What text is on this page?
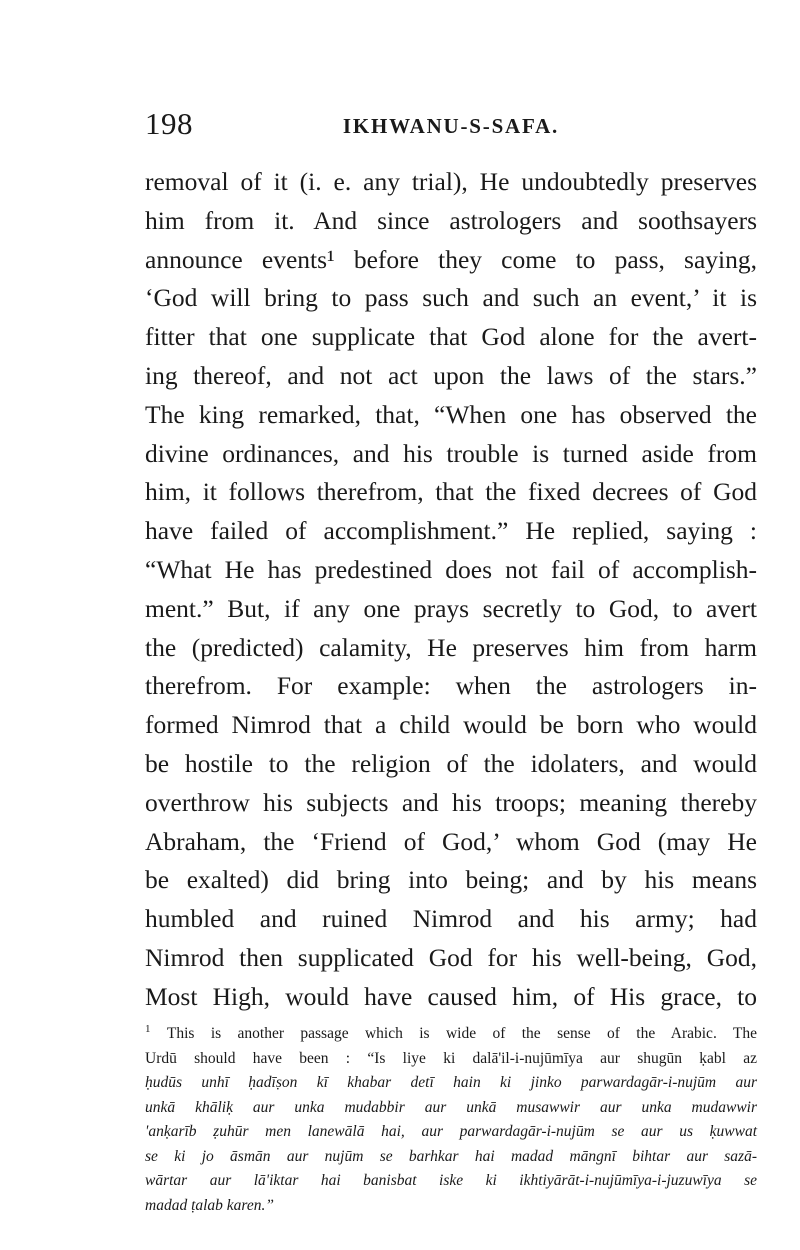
198	IKHWANU-S-SAFA.
removal of it (i. e. any trial), He undoubtedly preserves
him from it. And since astrologers and soothsayers
announce events¹ before they come to pass, saying,
‘God will bring to pass such and such an event,’ it is
fitter that one supplicate that God alone for the avert-
ing thereof, and not act upon the laws of the stars.”
The king remarked, that, “When one has observed the
divine ordinances, and his trouble is turned aside from
him, it follows therefrom, that the fixed decrees of God
have failed of accomplishment.” He replied, saying :
“What He has predestined does not fail of accomplish-
ment.” But, if any one prays secretly to God, to avert
the (predicted) calamity, He preserves him from harm
therefrom. For example: when the astrologers in-
formed Nimrod that a child would be born who would
be hostile to the religion of the idolaters, and would
overthrow his subjects and his troops; meaning thereby
Abraham, the ‘Friend of God,’ whom God (may He
be exalted) did bring into being; and by his means
humbled and ruined Nimrod and his army; had
Nimrod then supplicated God for his well-being, God,
Most High, would have caused him, of His grace, to
$^1$ This is another passage which is wide of the sense of the Arabic. The
Urdū should have been : “Is liye ki dalā'il-i-nujūmīya aur shugūn ḳabl az
ḥudūs unhī ḥadīṣon kī khabar detī hain ki jinko parwardagār-i-nujūm aur
unkā khāliḳ aur unka mudabbir aur unkā musawwir aur unka mudawwir
'anḳarīb ẓuhūr men lanewālā hai, aur parwardagār-i-nujūm se aur us ḳuwwat
se ki jo āsmān aur nujūm se barhkar hai madad māngnī bihtar aur sazā-
wārtar aur lā'iktar hai banisbat iske ki ikhtiyārāt-i-nujūmīya-i-juzuwīya se
madad ṭalab karen.”
